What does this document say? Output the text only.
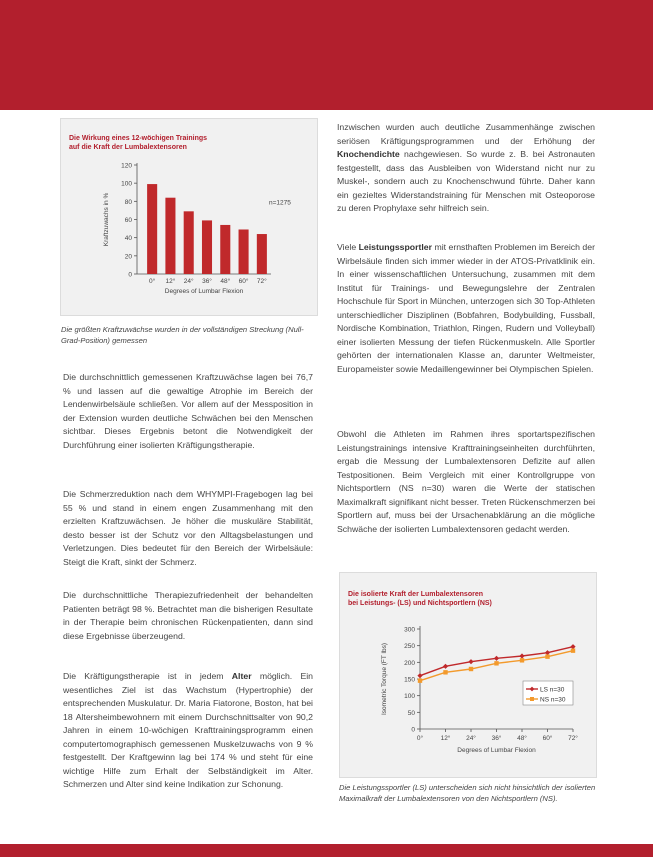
Die Wirkung eines 12-wöchigen Trainings
auf die Kraft der Lumbalextensoren
0
20
40
60
80
100
120
0° 12° 24° 36° 48° 60° 72°
Degrees of Lumbar Flexion
Kraftzuwachs in %	n=1275
Die größten Kraftzuwächse wurden in der vollständigen Streckung (Null-Grad-Position) gemessen

Die durchschnittlich gemessenen Kraftzuwächse lagen bei 76,7 % und lassen auf die gewaltige Atrophie im Bereich der Lendenwirbelsäule schließen. Vor allem auf der Messposition in der Extension wurden deutliche Schwächen bei den Menschen sichtbar. Dieses Ergebnis betont die Notwendigkeit der Durchführung einer isolierten Kräftigungstherapie.

Die Schmerzreduktion nach dem WHYMPI-Fragebogen lag bei 55 % und stand in einem engen Zusammenhang mit den erzielten Kraftzuwächsen. Je höher die muskuläre Stabilität, desto besser ist der Schutz vor den Alltagsbelastungen und Verletzungen. Dies bedeutet für den Bereich der Wirbelsäule: Steigt die Kraft, sinkt der Schmerz.

Die durchschnittliche Therapiezufriedenheit der behandelten Patienten beträgt 98 %. Betrachtet man die bisherigen Resultate in der Therapie beim chronischen Rückenpatienten, dann sind diese Ergebnisse überzeugend.

Die Kräftigungstherapie ist in jedem Alter möglich. Ein wesentliches Ziel ist das Wachstum (Hypertrophie) der entsprechenden Muskulatur. Dr. Maria Fiatorone, Boston, hat bei 18 Altersheimbewohnern mit einem Durchschnittsalter von 90,2 Jahren in einem 10-wöchigen Krafttrainingsprogramm einen computertomographisch gemessenen Muskelzuwachs von 9 % festgestellt. Der Kraftgewinn lag bei 174 % und steht für eine wichtige Hilfe zum Erhalt der Selbständigkeit im Alter. Schmerzen und Alter sind keine Indikation zur Schonung.

Inzwischen wurden auch deutliche Zusammenhänge zwischen seriösen Kräftigungsprogrammen und der Erhöhung der Knochendichte nachgewiesen. So wurde z. B. bei Astronauten festgestellt, dass das Ausbleiben von Widerstand nicht nur zu Muskel-, sondern auch zu Knochenschwund führte. Daher kann ein gezieltes Widerstandstraining für Menschen mit Osteoporose zu deren Prophylaxe sehr hilfreich sein.

Viele Leistungssportler mit ernsthaften Problemen im Bereich der Wirbelsäule finden sich immer wieder in der ATOS-Privatklinik ein. In einer wissenschaftlichen Untersuchung, zusammen mit dem Institut für Trainings- und Bewegungslehre der Zentralen Hochschule für Sport in München, unterzogen sich 30 Top-Athleten unterschiedlicher Disziplinen (Bobfahren, Bodybuilding, Fussball, Nordische Kombination, Triathlon, Ringen, Rudern und Volleyball) einer isolierten Messung der tiefen Rückenmuskeln. Alle Sportler gehörten der internationalen Klasse an, darunter Weltmeister, Europameister sowie Medaillengewinner bei Olympischen Spielen.

Obwohl die Athleten im Rahmen ihres sportartspezifischen Leistungstrainings intensive Krafttrainingseinheiten durchführten, ergab die Messung der Lumbalextensoren Defizite auf allen Testpositionen. Beim Vergleich mit einer Kontrollgruppe von Nichtsportlern (NS n=30) waren die Werte der statischen Maximalkraft signifikant nicht besser. Treten Rückenschmerzen bei Sportlern auf, muss bei der Ursachenabklärung an die mögliche Schwäche der isolierten Lumbalextensoren gedacht werden.

Die isolierte Kraft der Lumbalextensoren
bei Leistungs- (LS) und Nichtsportlern (NS)
0
50
100
150
200
250
300
0°	12° 24° 36° 48° 60° 72°
LS n=30
NS n=30
Degrees of Lumbar Flexion
Isometric Torque (FT lbs)
Die Leistungssportler (LS) unterscheiden sich nicht hinsichtlich der isolierten Maximalkraft der Lumbalextensoren von den Nichtsportlern (NS).
